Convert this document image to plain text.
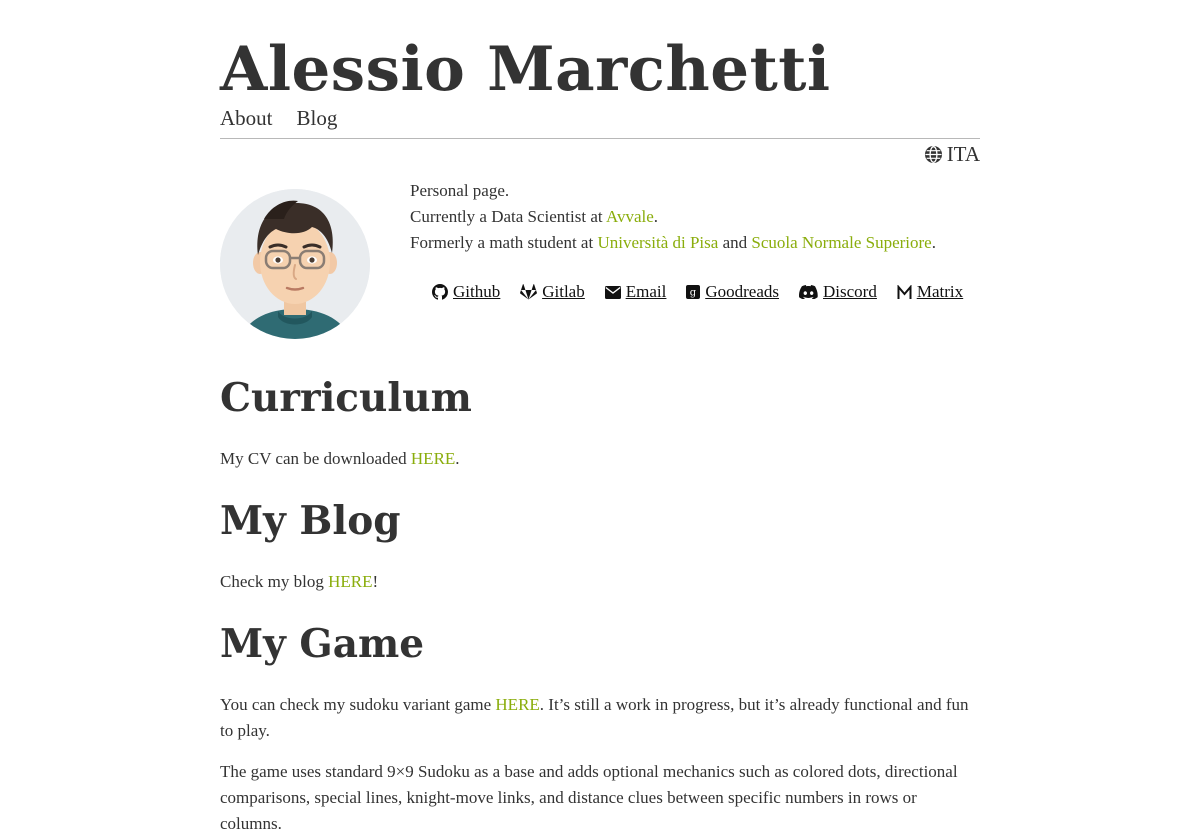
Alessio Marchetti
About Blog
ITA

Personal page.

Currently a Data Scientist at Avvale.

Formerly a math student at Università di Pisa and Scuola Normale Superiore.

Github Gitlab Email g Goodreads	Discord Matrix
Curriculum

My CV can be downloaded HERE.

My Blog

Check my blog HERE!

My Game

You can check my sudoku variant game HERE. It’s still a work in progress, but it’s already functional and fun to play.

The game uses standard 9×9 Sudoku as a base and adds optional mechanics such as colored dots, directional comparisons, special lines, knight-move links, and distance clues between specific numbers in rows or columns.
